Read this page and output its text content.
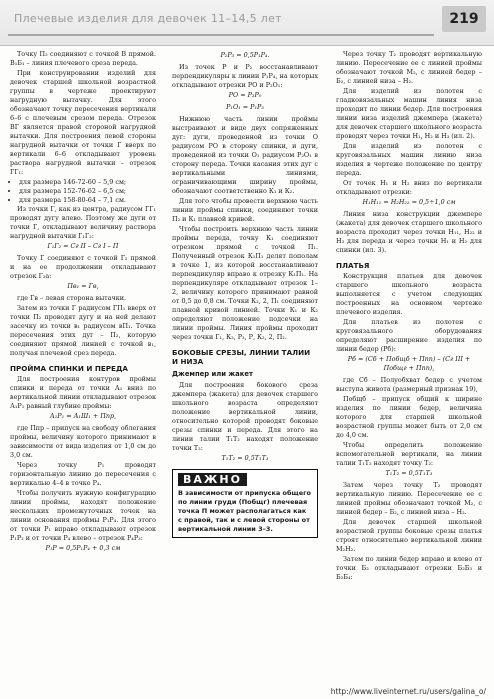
Плечевые изделия для девочек 11–14,5 лет	219

Точку П₂ соединяют с точкой В прямой. В₁Б₁ – линия плечевого среза переда.

При конструировании изделий для девочек старшей школьной возрастной группы в чертеже проектируют нагрудную вытачку. Для этого обозначают точку пересечения вертикали 6–6 с плечевым срезом переда. Отрезок ВГ является правой стороной нагрудной вытачки. Для построения левой стороны нагрудной вытачки от точки Г вверх по вертикали 6–6 откладывают уровень раствора нагрудной вытачки – отрезок ГГ₁:

• для размера 146-72-60 – 5,9 см;
• для размера 152-76-62 – 6,5 см;
• для размера 158-80-64 – 7,1 см.

Из точки Г, как из центра, радиусом ГГ₁ проводят дугу влево. Поэтому же дуги от точки Г, откладывают величину раствора нагрудной вытачки Г₁Г₂:

Г₁Г₂ = Сг II – Сг I – П

Точку Г соединяют с точкой Г₂ прямой и на ее продолжении откладывают отрезок Г₂а:

Пв₁ = Гв,

где Гв – левая сторона вытачки.

Затем из точки Г радиусом ГП₁ вверх от точки П₂ проводят дугу и на ней делают засечку из точки в₁ радиусом вП₁. Точка пересечения этих дуг – П₂, которую соединяют прямой линией с точкой в₁, получая плечевой срез переда.

ПРОЙМА СПИНКИ И ПЕРЕДА

Для построения контуров проймы спинки и переда от точки А₁ вниз по вертикальной линии откладывают отрезок А₁Р₁ равный глубине проймы:

А₁Р₁ = А₁Ш₁ + Ппр,

где Ппр – припуск на свободу облегания проймы, величину которого принимают в зависимости от вида изделия от 1,0 см до 3,0 см.

Через точку Р₁ проводят горизонтальную линию до пересечения с вертикалью 4–4 в точке Р₄.

Чтобы получить нужную конфигурацию линии проймы, находят положение нескольких промежуточных точек на линии основания проймы Р₁Р₄. Для этого от точки Р₁ вправо откладывают отрезок Р₁Р₂ и от точки Р₄ влево – отрезок Р₄Р₃:

Р₁Р = 0,5Р₁Р₄ + 0,3 см

Р₂Р₃ = 0,5Р₁Р₄.

Из точек Р и Р₂ восстанавливают перпендикуляры к линии Р₁Р₄, на которых откладывают отрезки РО и Р₂О₁:

РО = Р₂Р₀

Р₁О₁ = Р₁Р₃

Нижнюю часть линии проймы выстраивают и виде двух сопряженных дуг: дуги, проведенной из точки О радиусом РО в сторону спинки, и дуги, проведенной из точки О₁ радиусом Р₂О₁ в сторону переда. Точки касания этих дуг с вертикальными линиями, ограничивающими ширину проймы, обозначают соответственно К₁ и К₂.

Для того чтобы провести верхнюю часть линии проймы спинки, соединяют точки П₂ и К₁ плавной кривой.

Чтобы построить верхнюю часть линии проймы переда, точку К₁ соединяют отрезком прямой с точкой П₁. Полученный отрезок К₁П₁ делят пополам в точке 1, из которой восстанавливают перпендикуляр вправо к отрезку К₁П₁. На перпендикуляре откладывают отрезок 1–2, величину которого принимают равной от 0,5 до 0,8 см. Точки К₂, 2, П₁ соединяют плавной кривой линией. Точки К₁ и К₂ определяют положение подсечки на линии проймы. Линия проймы проходит через точки Г₁, К₂, Р₃, Р, К₂, 2, П₂.

БОКОВЫЕ СРЕЗЫ, ЛИНИИ ТАЛИИ И НИЗА
Джемпер или жакет

Для построения бокового среза джемпера (жакета) для девочек старшего школьного возраста определяют положение вертикальной линии, относительно которой проводят боковые срезы спинки и переда. Для этого на линии талии Т₁Т₂ находят положение точки Т₂:

Т₁Т₂ = 0,5Т₁Т₃

ВАЖНО
В зависимости от припуска общего по линии груди (Побщг) плечевая точка П может располагаться как с правой, так и с левой стороны от вертикальной линии 3–3.

Через точку Т₂ проводят вертикальную линию. Пересечение ее с линией проймы обозначают точкой М₂, с линией бедер – Б₂, с линией низа – Н₂.

Для изделий из полотен с гладковязальных машин линия низа проходит по линии бедер. Для построения линии низа изделий джемпера (жакета) для девочек старшего школьного возраста проводят через точки Н₁, Н₂ и Н₃ (ил. 2).

Для изделий из полотен с круговязальных машин линию низа изделия в чертеже положение по центру переда.

От точек Н₁ и Н₂ вниз по вертикали откладывают отрезки:

Н₁Н₁₁ = Н₂Н₂₂ = 0,5÷1,0 см

Линия низа конструкции джемпере (жакета) для девочек старшего школьного возраста проходит через точки Н₁₁, Н₂₂ и Н₃ для переда и через точки Н₁ и Н₂ для спинки (ил. 3).

ПЛАТЬЯ

Конструкция платьев для девочек старшего школьного возраста выполняется с учетом следующих построенных на основном чертеже плечевого изделия.

Для платьев из полотен с круговязального оборудования определяют расширение изделия по линии бедер (Рб):

Рб = (Сб + Побщб + Ппп) – (Сг III + Побщг + Ппп),

где Сб – Полуобхват бедер с учетом выступа живота (размерный признак 19),

Побщб – припуск общий к ширине изделия по линии бедер, величина которого для старшей школьной возрастной группы может быть от 2,0 см до 4,0 см.

Чтобы определить положение вспомогательной вертикали, на линии талии Т₁Т₂ находят точку Т₂:

Т₁Т₂ = 0,5Т₁Т₃

Затем через точку Т₂ проводят вертикальную линию. Пересечение ее с линией проймы обозначают точкой М₂, с линией бедер – Б₂, с линией низа – Н₂.

Для девочек старшей школьной возрастной группы боковые срезы платья строят относительно вертикальной линии М₂Н₂.

Затем по линии бедер вправо и влево от точки Б₂ откладывают отрезки Б₂Б₃ и Б₂Б₄:

http://www.liveinternet.ru/users/galina_o/
